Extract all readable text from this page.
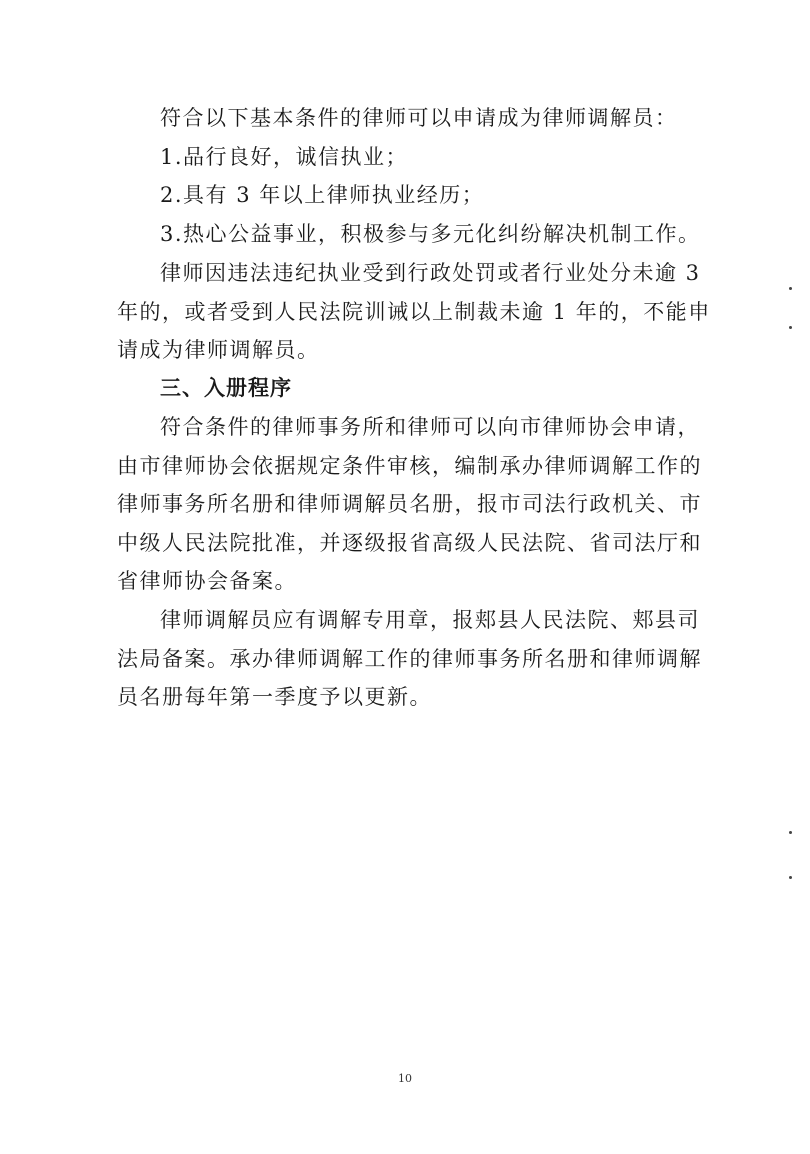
符合以下基本条件的律师可以申请成为律师调解员：
1.品行良好，诚信执业；
2.具有 3 年以上律师执业经历；
3.热心公益事业，积极参与多元化纠纷解决机制工作。
律师因违法违纪执业受到行政处罚或者行业处分未逾 3
年的，或者受到人民法院训诫以上制裁未逾 1 年的，不能申
请成为律师调解员。
三、入册程序
符合条件的律师事务所和律师可以向市律师协会申请，
由市律师协会依据规定条件审核，编制承办律师调解工作的
律师事务所名册和律师调解员名册，报市司法行政机关、市
中级人民法院批准，并逐级报省高级人民法院、省司法厅和
省律师协会备案。
律师调解员应有调解专用章，报郏县人民法院、郏县司
法局备案。承办律师调解工作的律师事务所名册和律师调解
员名册每年第一季度予以更新。
10
